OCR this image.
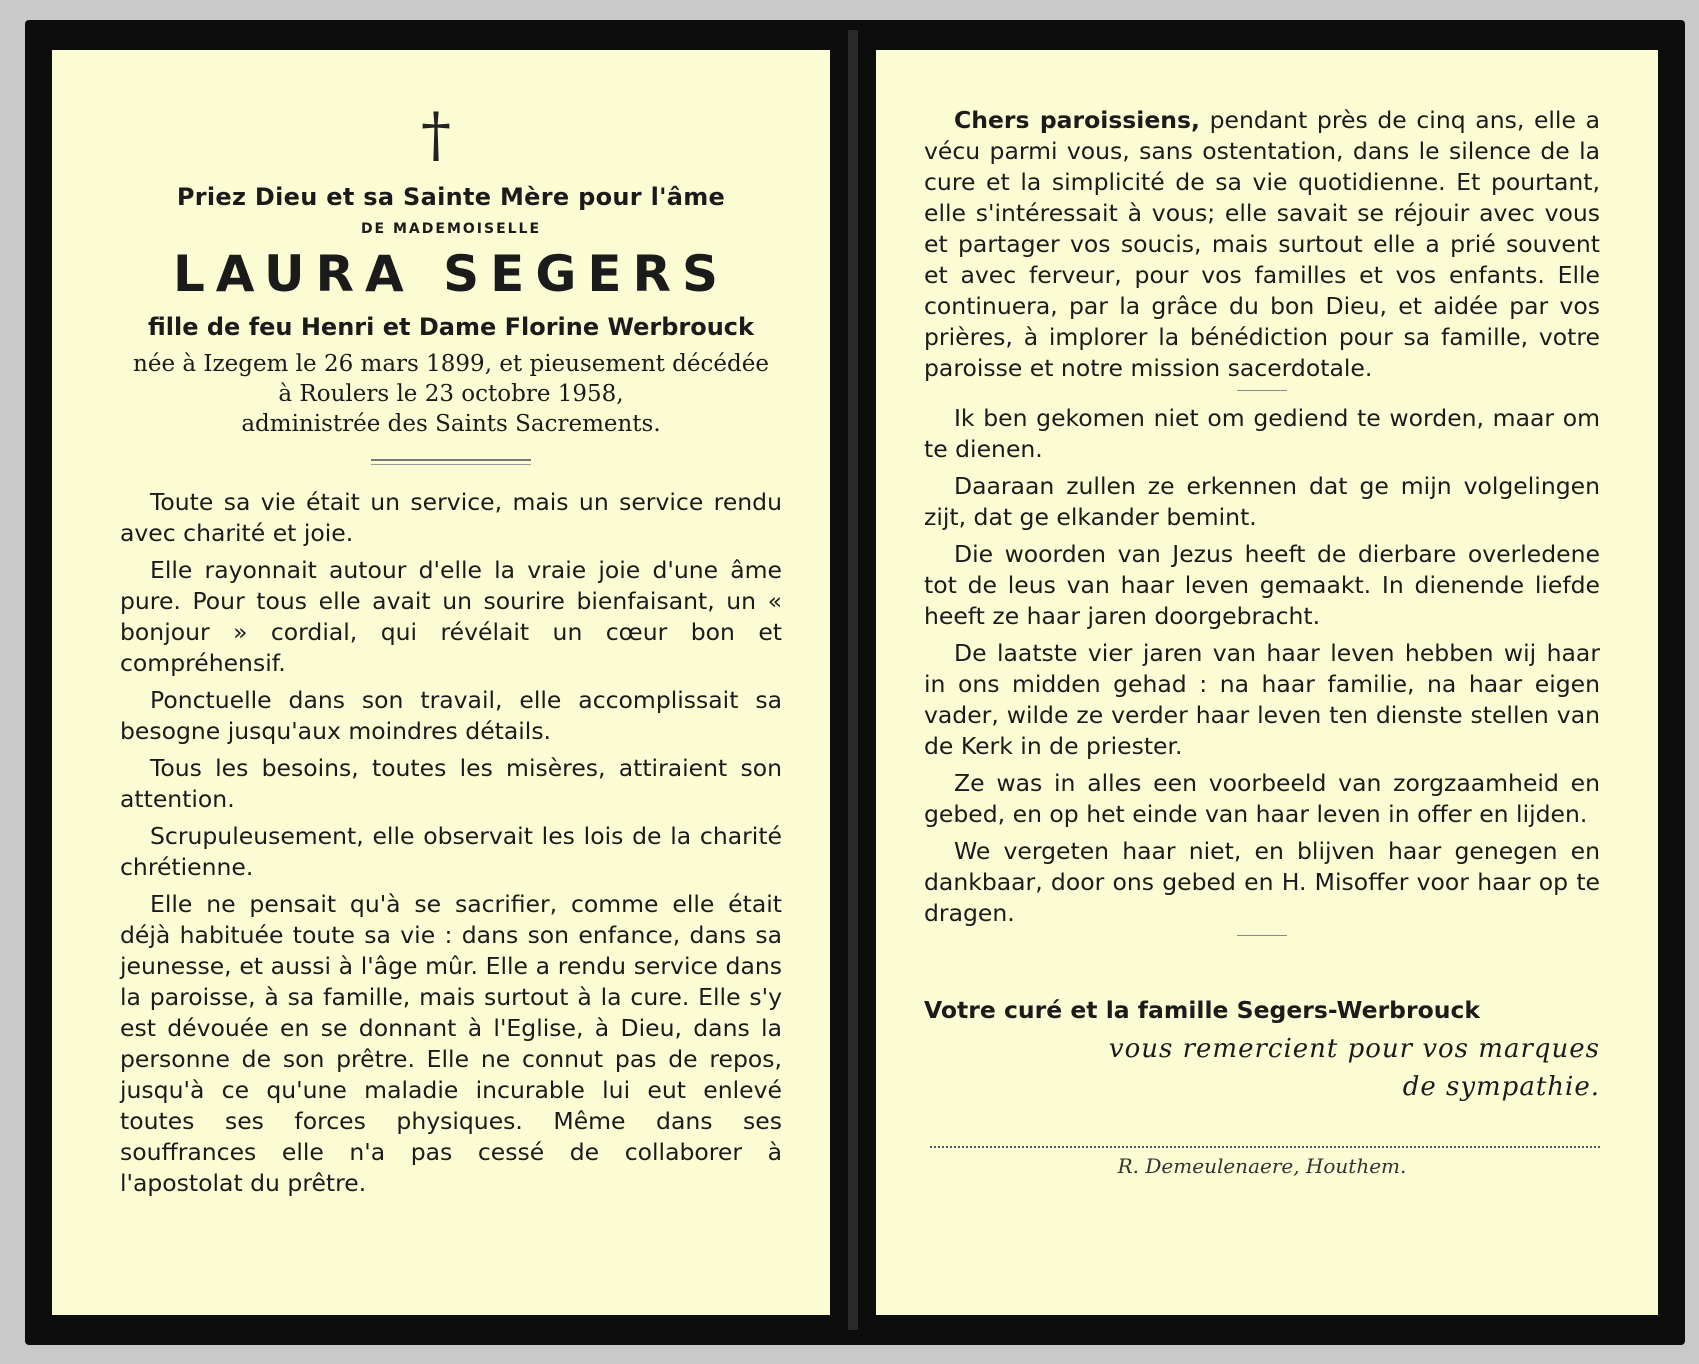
†
Priez Dieu et sa Sainte Mère pour l'âme
DE MADEMOISELLE
LAURA SEGERS
fille de feu Henri et Dame Florine Werbrouck
née à Izegem le 26 mars 1899, et pieusement décédée
à Roulers le 23 octobre 1958,
administrée des Saints Sacrements.

Toute sa vie était un service, mais un service rendu avec charité et joie.

Elle rayonnait autour d'elle la vraie joie d'une âme pure. Pour tous elle avait un sourire bienfaisant, un « bonjour » cordial, qui révélait un cœur bon et compréhensif.

Ponctuelle dans son travail, elle accomplissait sa besogne jusqu'aux moindres détails.

Tous les besoins, toutes les misères, attiraient son attention.

Scrupuleusement, elle observait les lois de la charité chrétienne.

Elle ne pensait qu'à se sacrifier, comme elle était déjà habituée toute sa vie : dans son enfance, dans sa jeunesse, et aussi à l'âge mûr. Elle a rendu service dans la paroisse, à sa famille, mais surtout à la cure. Elle s'y est dévouée en se donnant à l'Eglise, à Dieu, dans la personne de son prêtre. Elle ne connut pas de repos, jusqu'à ce qu'une maladie incurable lui eut enlevé toutes ses forces physiques. Même dans ses souffrances elle n'a pas cessé de collaborer à l'apostolat du prêtre.

Chers paroissiens, pendant près de cinq ans, elle a vécu parmi vous, sans ostentation, dans le silence de la cure et la simplicité de sa vie quotidienne. Et pourtant, elle s'intéressait à vous; elle savait se réjouir avec vous et partager vos soucis, mais surtout elle a prié souvent et avec ferveur, pour vos familles et vos enfants. Elle continuera, par la grâce du bon Dieu, et aidée par vos prières, à implorer la bénédiction pour sa famille, votre paroisse et notre mission sacerdotale.

Ik ben gekomen niet om gediend te worden, maar om te dienen.

Daaraan zullen ze erkennen dat ge mijn volgelingen zijt, dat ge elkander bemint.

Die woorden van Jezus heeft de dierbare overledene tot de leus van haar leven gemaakt. In dienende liefde heeft ze haar jaren doorgebracht.

De laatste vier jaren van haar leven hebben wij haar in ons midden gehad : na haar familie, na haar eigen vader, wilde ze verder haar leven ten dienste stellen van de Kerk in de priester.

Ze was in alles een voorbeeld van zorgzaamheid en gebed, en op het einde van haar leven in offer en lijden.

We vergeten haar niet, en blijven haar genegen en dankbaar, door ons gebed en H. Misoffer voor haar op te dragen.

Votre curé et la famille Segers-Werbrouck
vous remercient pour vos marques
de sympathie.
R. Demeulenaere, Houthem.
